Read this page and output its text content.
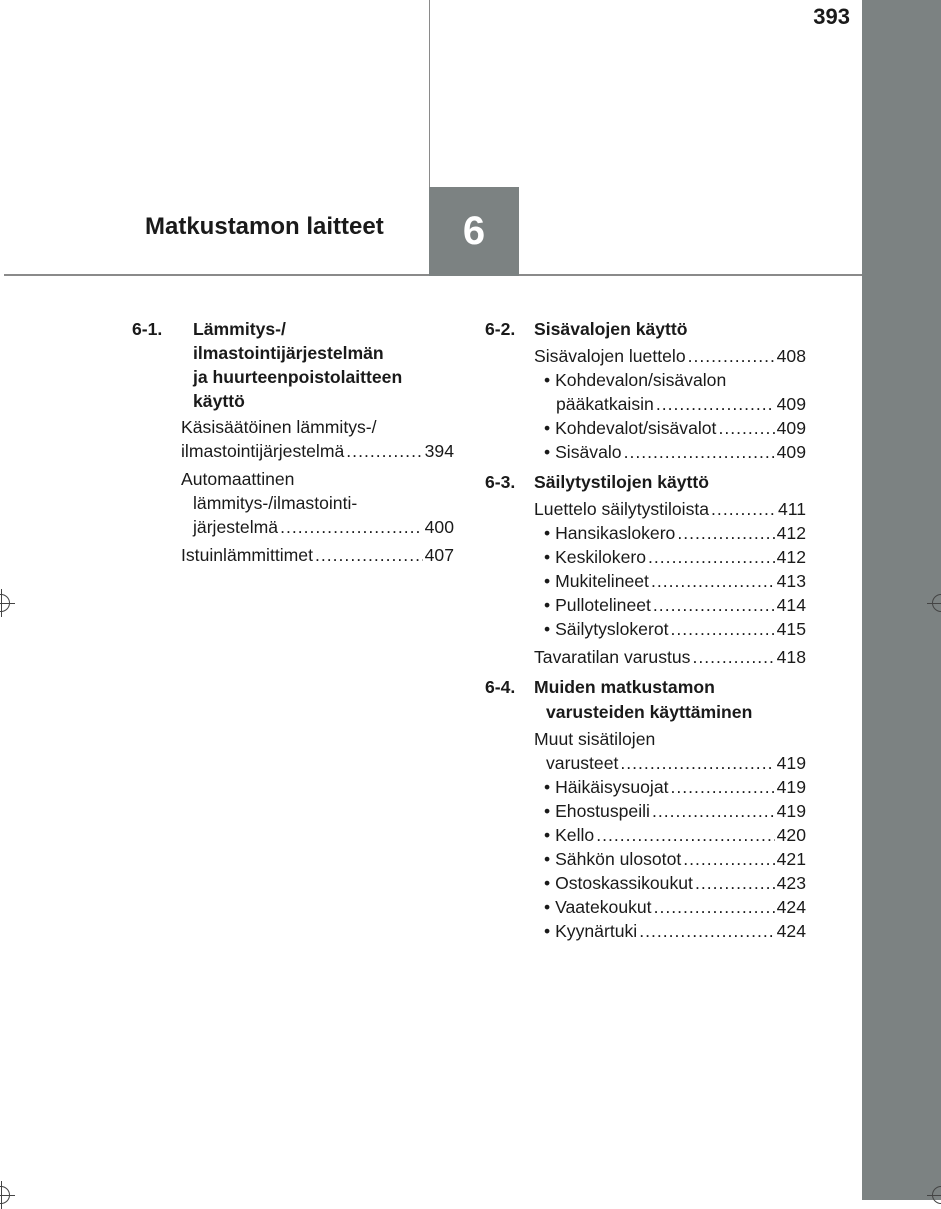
393
Matkustamon laitteet	6
6-1.	Lämmitys-/
ilmastointijärjestelmän
ja huurteenpoistolaitteen
käyttö
Käsisäätöinen lämmitys-/
ilmastointijärjestelmä .....	394
Automaattinen
lämmitys-/ilmastointi-
järjestelmä .....	400
Istuinlämmittimet .....	407
6-2.	Sisävalojen käyttö
Sisävalojen luettelo .....	408
•
Kohdevalon/sisävalon
pääkatkaisin .....	409
•
Kohdevalot/sisävalot .....	409
•
Sisävalo .....	409
6-3.	Säilytystilojen käyttö
Luettelo säilytystiloista .....	411
•
Hansikaslokero .....	412
•
Keskilokero .....	412
•
Mukitelineet .....	413
•
Pullotelineet .....	414
•
Säilytyslokerot .....	415
Tavaratilan varustus .....	418
6-4.	Muiden matkustamon
varusteiden käyttäminen
Muut sisätilojen
varusteet .....	419
•
Häikäisysuojat .....	419
•
Ehostuspeili .....	419
•
Kello .....	420
•
Sähkön ulosotot .....	421
•
Ostoskassikoukut .....	423
•
Vaatekoukut .....	424
•
Kyynärtuki .....	424
